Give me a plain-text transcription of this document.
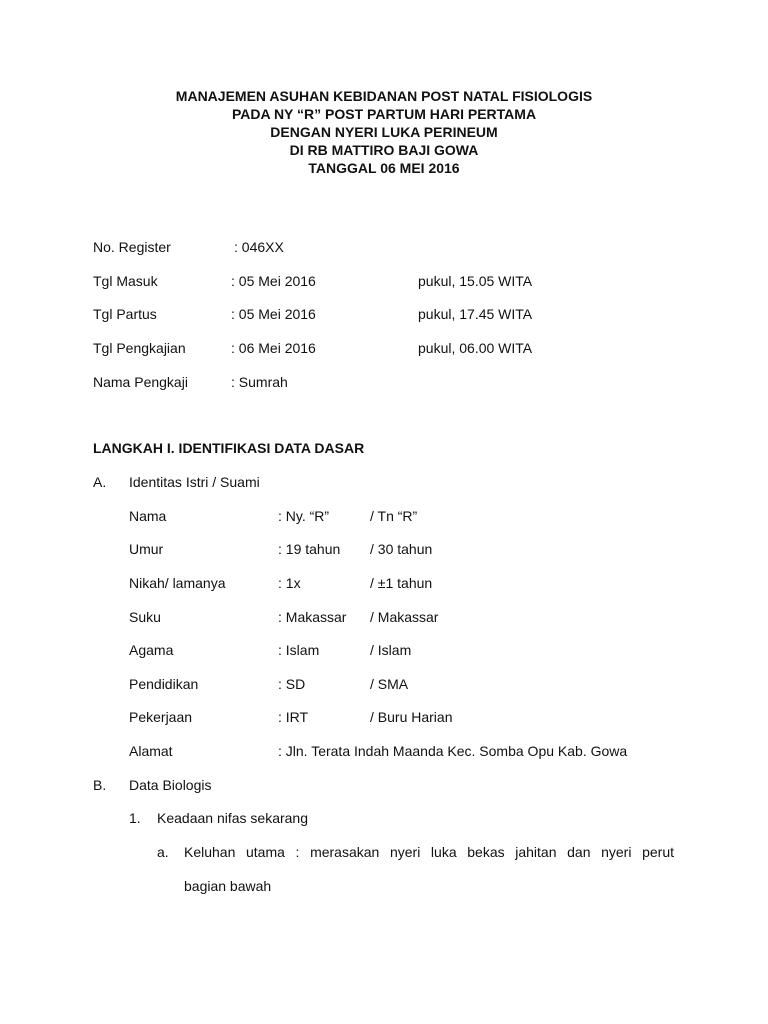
MANAJEMEN ASUHAN KEBIDANAN POST NATAL FISIOLOGIS
PADA NY “R” POST PARTUM HARI PERTAMA
DENGAN NYERI LUKA PERINEUM
DI RB MATTIRO BAJI GOWA
TANGGAL 06 MEI 2016
No. Register	: 046XX
Tgl Masuk	: 05 Mei 2016	pukul, 15.05 WITA
Tgl Partus	: 05 Mei 2016	pukul, 17.45 WITA
Tgl Pengkajian	: 06 Mei 2016	pukul, 06.00 WITA
Nama Pengkaji	: Sumrah
LANGKAH I. IDENTIFIKASI DATA DASAR
A. Identitas Istri / Suami
Nama	: Ny. “R”	/ Tn “R”
Umur	: 19 tahun / 30 tahun
Nikah/ lamanya	: 1x	/ ±1 tahun
Suku	: Makassar / Makassar
Agama	: Islam	/ Islam
Pendidikan	: SD	/ SMA
Pekerjaan	: IRT	/ Buru Harian
Alamat	: Jln. Terata Indah Maanda Kec. Somba Opu Kab. Gowa
B. Data Biologis
1. Keadaan nifas sekarang
a. Keluhan utama : merasakan nyeri luka bekas jahitan dan nyeri perut
bagian bawah
